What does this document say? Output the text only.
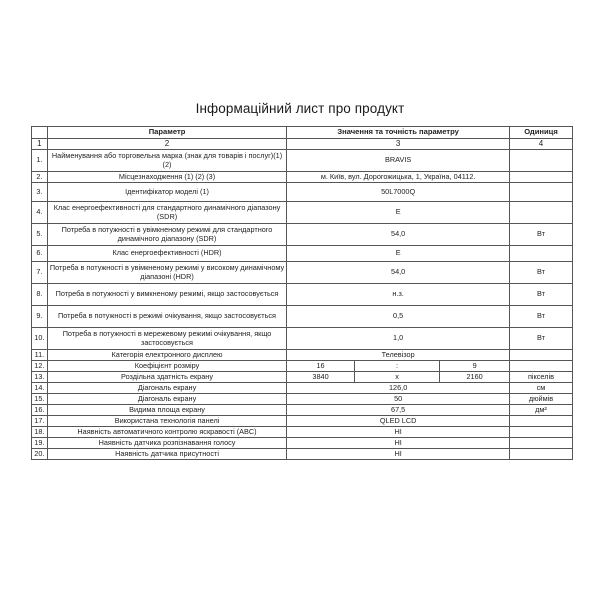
Інформаційний лист про продукт
	Параметр	Значення та точність параметру			Одиниця
1	2	3			4
1.	Найменування або торговельна марка (знак для товарів і послуг)(1) (2)	BRAVIS			
2.	Місцезнаходження (1) (2) (3)	м. Київ, вул. Дорогожицька, 1, Україна, 04112.			
3.	Ідентифікатор моделі (1)	50L7000Q			
4.	Клас енергоефективності для стандартного динамічного діапазону (SDR)	E			
5.	Потреба в потужності в увімкненому режимі для стандартного динамічного діапазону (SDR)	54,0			Вт
6.	Клас енергоефективності (HDR)	E			
7.	Потреба в потужності в увімкненому режимі у високому динамічному діапазоні (HDR)	54,0			Вт
8.	Потреба в потужності у вимкненому режимі, якщо застосовується	н.з.			Вт
9.	Потреба в потужності в режимі очікування, якщо застосовується	0,5			Вт
10.	Потреба в потужності в мережевому режимі очікування, якщо застосовується	1,0			Вт
11.	Категорія електронного дисплею	Телевізор			
12.	Коефіцієнт розміру	16	:	9	
13.	Роздільна здатність екрану	3840	x	2160	пікселів
14.	Діагональ екрану	126,0			см
15.	Діагональ екрану	50			дюймів
16.	Видима площа екрану	67,5			дм²
17.	Використана технологія панелі	QLED LCD			
18.	Наявність автоматичного контролю яскравості (ABC)	НІ			
19.	Наявність датчика розпізнавання голосу	НІ			
20.	Наявність датчика присутності	НІ			
